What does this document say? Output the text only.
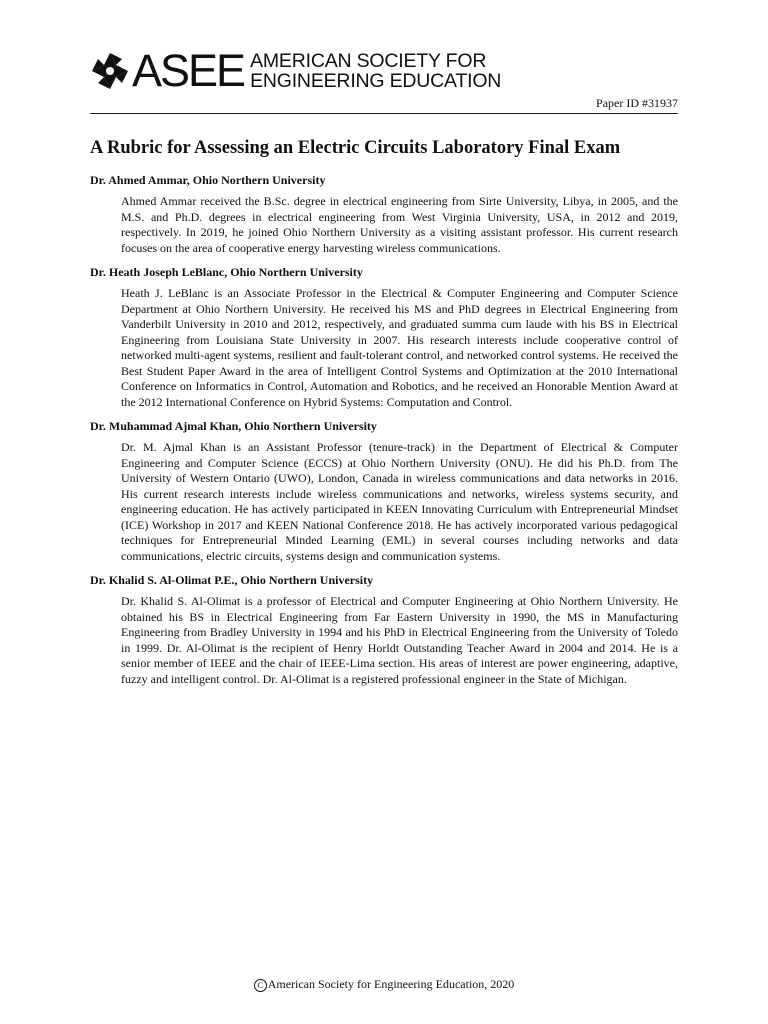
ASEE AMERICAN SOCIETY FOR
ENGINEERING EDUCATION
Paper ID #31937
A Rubric for Assessing an Electric Circuits Laboratory Final Exam
Dr. Ahmed Ammar, Ohio Northern University

Ahmed Ammar received the B.Sc. degree in electrical engineering from Sirte University, Libya, in 2005, and the M.S. and Ph.D. degrees in electrical engineering from West Virginia University, USA, in 2012 and 2019, respectively. In 2019, he joined Ohio Northern University as a visiting assistant professor. His current research focuses on the area of cooperative energy harvesting wireless communications.

Dr. Heath Joseph LeBlanc, Ohio Northern University

Heath J. LeBlanc is an Associate Professor in the Electrical & Computer Engineering and Computer Science Department at Ohio Northern University. He received his MS and PhD degrees in Electrical Engineering from Vanderbilt University in 2010 and 2012, respectively, and graduated summa cum laude with his BS in Electrical Engineering from Louisiana State University in 2007. His research interests include cooperative control of networked multi-agent systems, resilient and fault-tolerant control, and networked control systems. He received the Best Student Paper Award in the area of Intelligent Control Systems and Optimization at the 2010 International Conference on Informatics in Control, Automation and Robotics, and he received an Honorable Mention Award at the 2012 International Conference on Hybrid Systems: Computation and Control.

Dr. Muhammad Ajmal Khan, Ohio Northern University

Dr. M. Ajmal Khan is an Assistant Professor (tenure-track) in the Department of Electrical & Computer Engineering and Computer Science (ECCS) at Ohio Northern University (ONU). He did his Ph.D. from The University of Western Ontario (UWO), London, Canada in wireless communications and data networks in 2016. His current research interests include wireless communications and networks, wireless systems security, and engineering education. He has actively participated in KEEN Innovating Curriculum with Entrepreneurial Mindset (ICE) Workshop in 2017 and KEEN National Conference 2018. He has actively incorporated various pedagogical techniques for Entrepreneurial Minded Learning (EML) in several courses including networks and data communications, electric circuits, systems design and communication systems.

Dr. Khalid S. Al-Olimat P.E., Ohio Northern University

Dr. Khalid S. Al-Olimat is a professor of Electrical and Computer Engineering at Ohio Northern University. He obtained his BS in Electrical Engineering from Far Eastern University in 1990, the MS in Manufacturing Engineering from Bradley University in 1994 and his PhD in Electrical Engineering from the University of Toledo in 1999. Dr. Al-Olimat is the recipient of Henry Horldt Outstanding Teacher Award in 2004 and 2014. He is a senior member of IEEE and the chair of IEEE-Lima section. His areas of interest are power engineering, adaptive, fuzzy and intelligent control. Dr. Al-Olimat is a registered professional engineer in the State of Michigan.

C American Society for Engineering Education, 2020
